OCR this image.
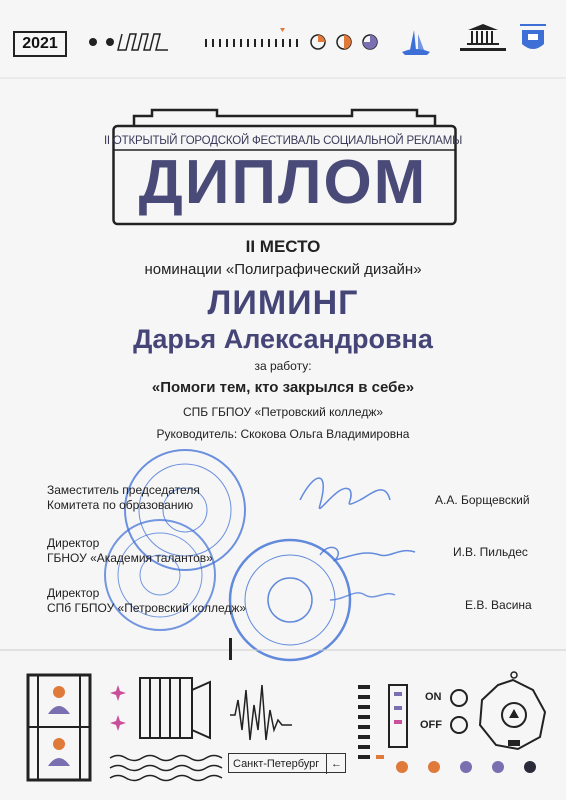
2021
II ОТКРЫТЫЙ ГОРОДСКОЙ ФЕСТИВАЛЬ СОЦИАЛЬНОЙ РЕКЛАМЫ
ДИПЛОМ
II МЕСТО
номинации «Полиграфический дизайн»
ЛИМИНГ
Дарья Александровна
за работу:
«Помоги тем, кто закрылся в себе»
СПБ ГБПОУ «Петровский колледж»
Руководитель: Скокова Ольга Владимировна
Заместитель председателя
Комитета по образованию	А.А. Борщевский
Директор
ГБНОУ «Академия талантов»	И.В. Пильдес
Директор
СПб ГБПОУ «Петровский колледж»	Е.В. Васина
Санкт-Петербург	←
ON
OFF
